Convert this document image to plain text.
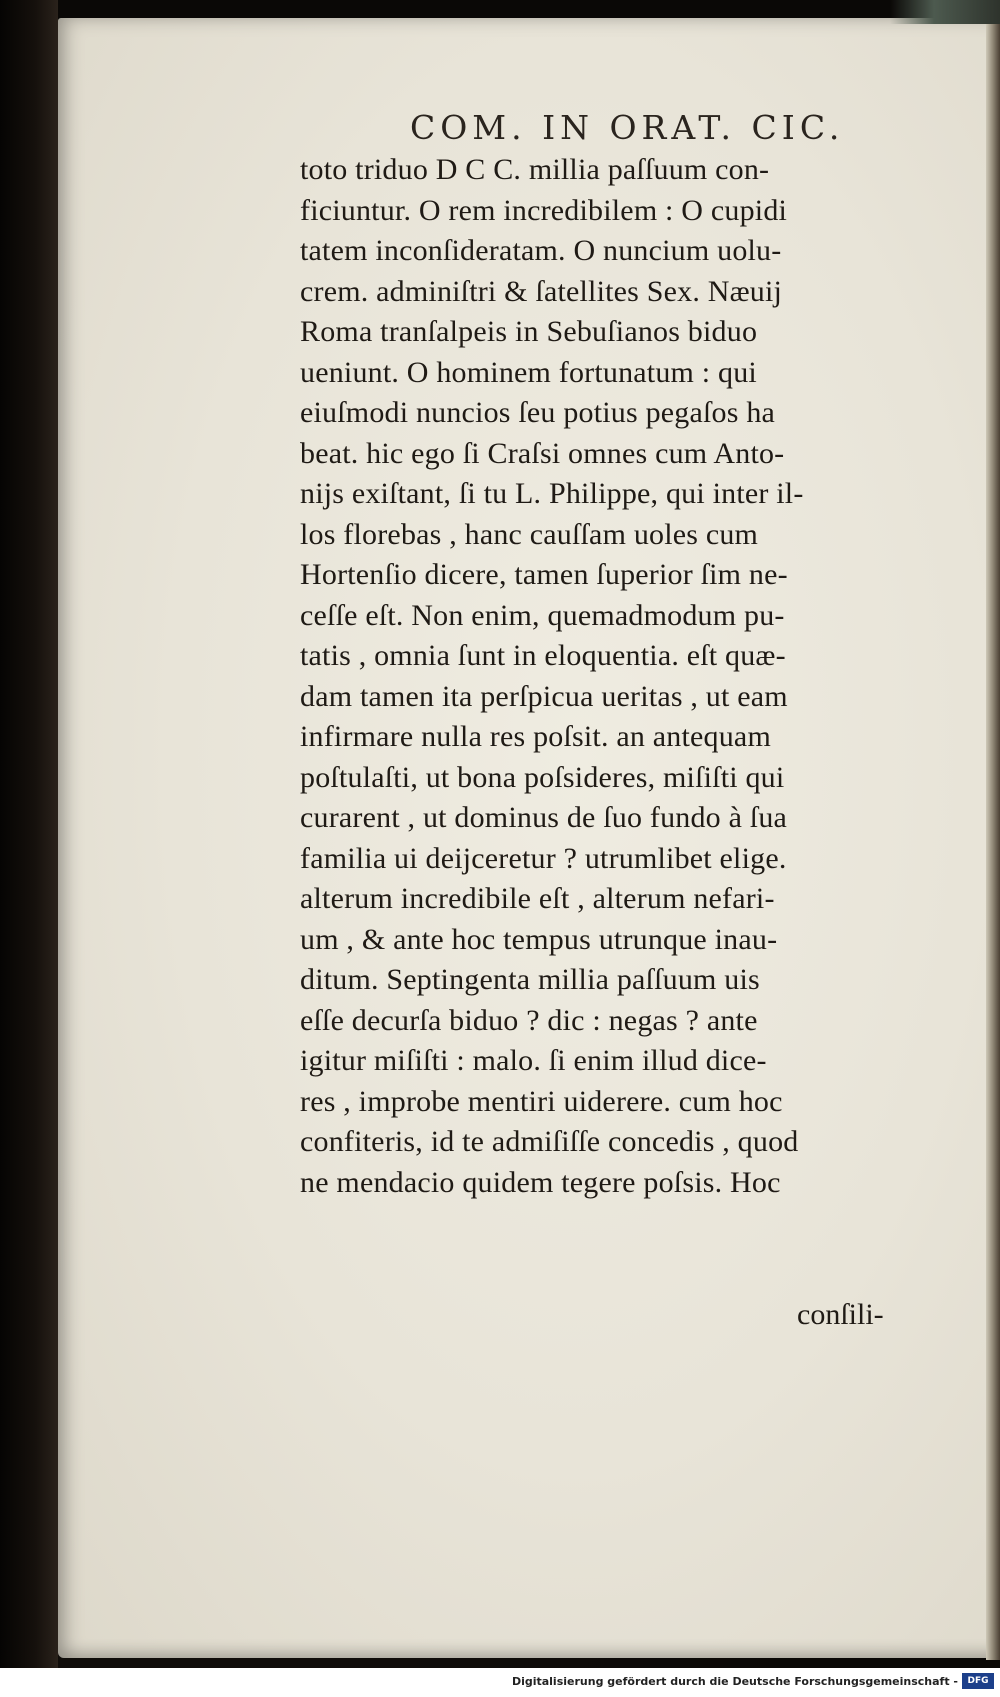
COM. IN ORAT. CIC.
toto triduo D C C. millia paſſuum con-
ficiuntur. O rem incredibilem : O cupidi
tatem inconſideratam. O nuncium uolu-
crem. adminiſtri & ſatellites Sex. Næuij
Roma tranſalpeis in Sebuſianos biduo
ueniunt. O hominem fortunatum : qui
eiuſmodi nuncios ſeu potius pegaſos ha
beat. hic ego ſi Craſsi omnes cum Anto-
nijs exiſtant, ſi tu L. Philippe, qui inter il-
los florebas , hanc cauſſam uoles cum
Hortenſio dicere, tamen ſuperior ſim ne-
ceſſe eſt. Non enim, quemadmodum pu-
tatis , omnia ſunt in eloquentia. eſt quæ-
dam tamen ita perſpicua ueritas , ut eam
infirmare nulla res poſsit. an antequam
poſtulaſti, ut bona poſsideres, miſiſti qui
curarent , ut dominus de ſuo fundo à ſua
familia ui deijceretur ? utrumlibet elige.
alterum incredibile eſt , alterum nefari-
um , & ante hoc tempus utrunque inau-
ditum. Septingenta millia paſſuum uis
eſſe decurſa biduo ? dic : negas ? ante
igitur miſiſti : malo. ſi enim illud dice-
res , improbe mentiri uiderere. cum hoc
confiteris, id te admiſiſſe concedis , quod
ne mendacio quidem tegere poſsis. Hoc
conſili-
Digitalisierung gefördert durch die Deutsche Forschungsgemeinschaft -	DFG
